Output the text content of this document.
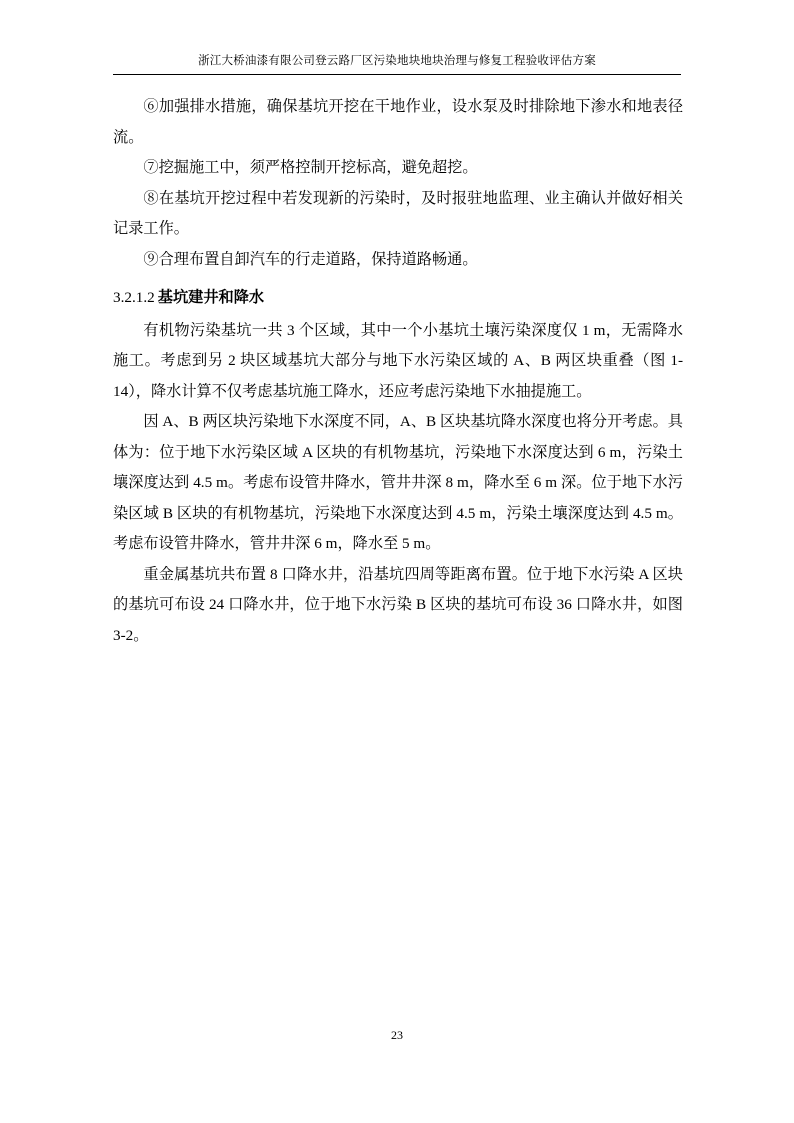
浙江大桥油漆有限公司登云路厂区污染地块地块治理与修复工程验收评估方案

⑥加强排水措施，确保基坑开挖在干地作业，设水泵及时排除地下渗水和地表径流。

⑦挖掘施工中，须严格控制开挖标高，避免超挖。

⑧在基坑开挖过程中若发现新的污染时，及时报驻地监理、业主确认并做好相关记录工作。

⑨合理布置自卸汽车的行走道路，保持道路畅通。

3.2.1.2 基坑建井和降水

有机物污染基坑一共 3 个区域，其中一个小基坑土壤污染深度仅 1 m，无需降水施工。考虑到另 2 块区域基坑大部分与地下水污染区域的 A、B 两区块重叠（图 1-14），降水计算不仅考虑基坑施工降水，还应考虑污染地下水抽提施工。

因 A、B 两区块污染地下水深度不同，A、B 区块基坑降水深度也将分开考虑。具体为：位于地下水污染区域 A 区块的有机物基坑，污染地下水深度达到 6 m，污染土壤深度达到 4.5 m。考虑布设管井降水，管井井深 8 m，降水至 6 m 深。位于地下水污染区域 B 区块的有机物基坑，污染地下水深度达到 4.5 m，污染土壤深度达到 4.5 m。考虑布设管井降水，管井井深 6 m，降水至 5 m。

重金属基坑共布置 8 口降水井，沿基坑四周等距离布置。位于地下水污染 A 区块的基坑可布设 24 口降水井，位于地下水污染 B 区块的基坑可布设 36 口降水井，如图 3-2。

23
